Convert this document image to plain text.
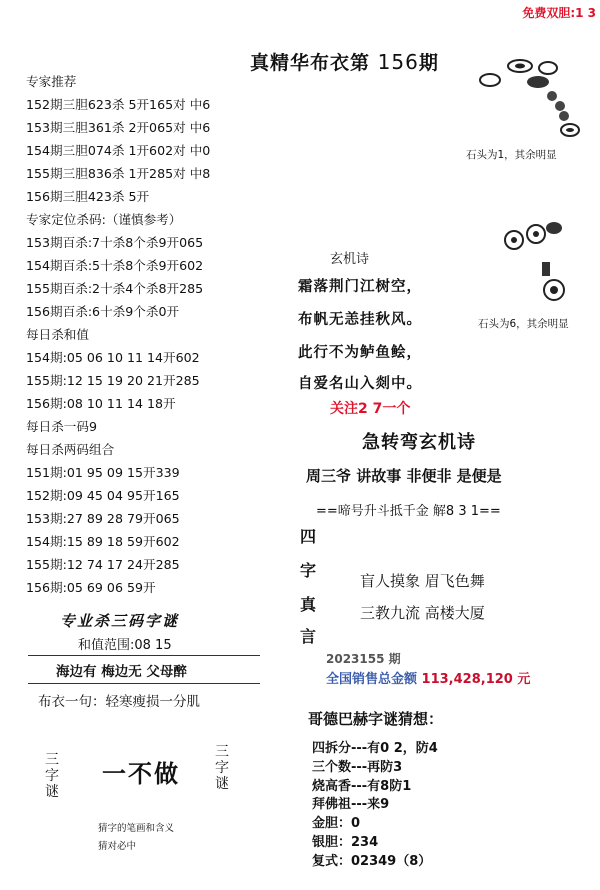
免费双胆:1 3
真精华布衣第 156期
专家推荐
152期三胆623杀 5开165对 中6
153期三胆361杀 2开065对 中6
154期三胆074杀 1开602对 中0
155期三胆836杀 1开285对 中8
156期三胆423杀 5开
专家定位杀码:（谨慎参考）
153期百杀:7十杀8个杀9开065
154期百杀:5十杀8个杀9开602
155期百杀:2十杀4个杀8开285
156期百杀:6十杀9个杀0开
每日杀和值
154期:05 06 10 11 14开602
155期:12 15 19 20 21开285
156期:08 10 11 14 18开
每日杀一码9
每日杀两码组合
151期:01 95 09 15开339
152期:09 45 04 95开165
153期:27 89 28 79开065
154期:15 89 18 59开602
155期:12 74 17 24开285
156期:05 69 06 59开
专业杀三码字谜
和值范围:08 15
海边有 梅边无 父母醉
布衣一句：轻寒瘦损一分肌
三字谜
一不做
三字谜
猜字的笔画和含义
猜对必中
石头为1，其余明显
石头为6，其余明显
玄机诗
霜落荆门江树空，
布帆无恙挂秋风。
此行不为鲈鱼鲙，
自爱名山入剡中。
关注2 7一个
急转弯玄机诗
周三爷 讲故事 非便非 是便是
==啼号升斗抵千金 解8 3 1==
四
字
真
言
盲人摸象 眉飞色舞
三教九流 高楼大厦
2023155 期
全国销售总金额 113,428,120 元
哥德巴赫字谜猜想：
四拆分---有0 2，防4
三个数---再防3
烧高香---有8防1
拜佛祖---来9
金胆：0
银胆：234
复式：02349（8）
